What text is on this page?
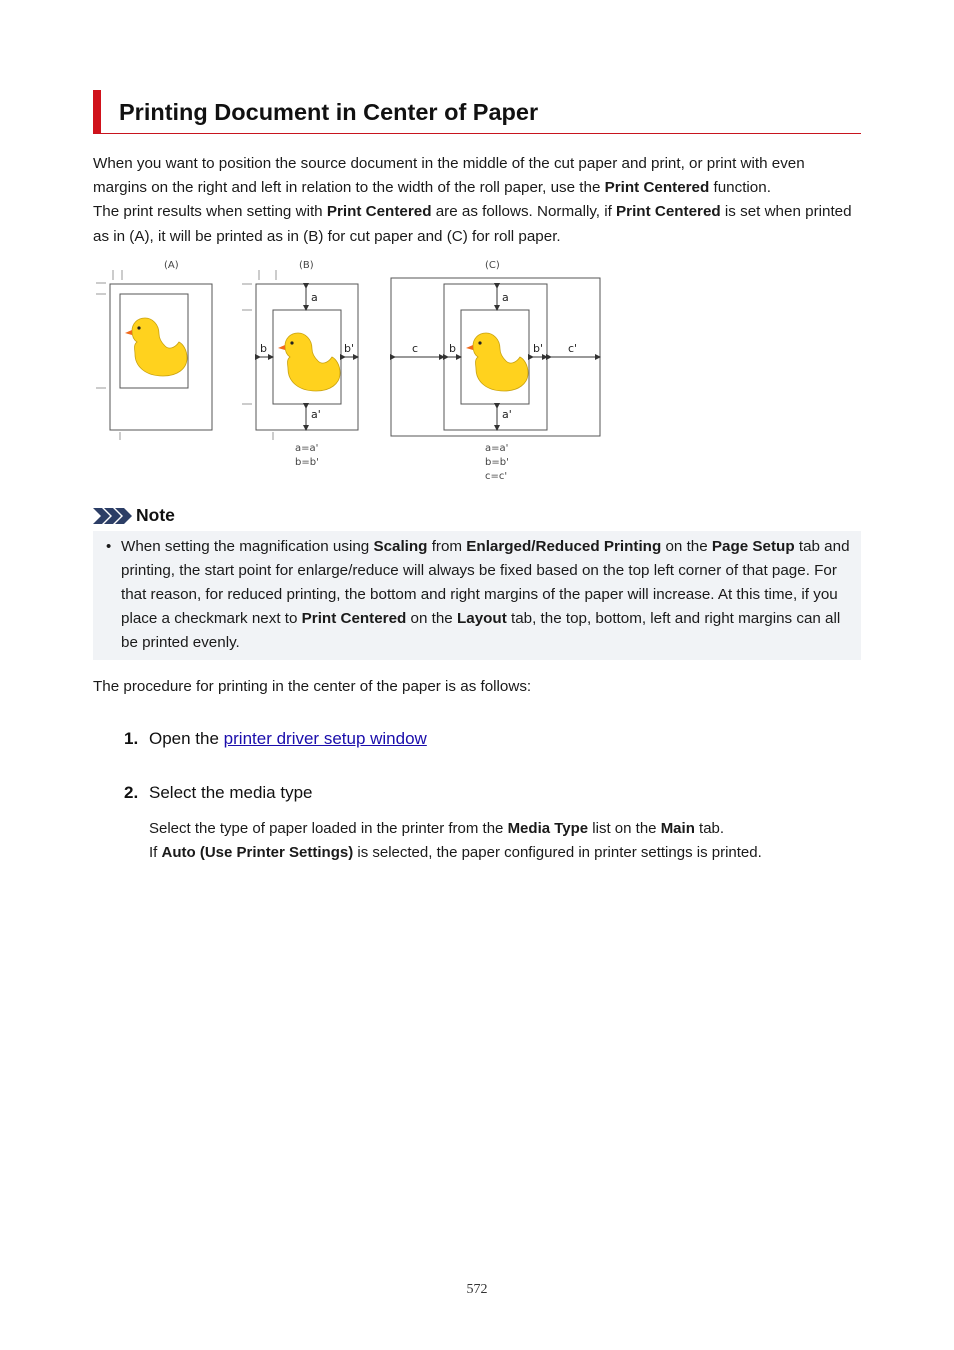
Printing Document in Center of Paper
When you want to position the source document in the middle of the cut paper and print, or print with even margins on the right and left in relation to the width of the roll paper, use the Print Centered function.
The print results when setting with Print Centered are as follows. Normally, if Print Centered is set when printed as in (A), it will be printed as in (B) for cut paper and (C) for roll paper.
(A)	(B)
a
a'
b	b'
a=a'
b=b'
(C)
a
a'
c	b	b' c'
a=a'
b=b'
c=c'
Note
• When setting the magnification using Scaling from Enlarged/Reduced Printing on the Page Setup tab and printing, the start point for enlarge/reduce will always be fixed based on the top left corner of that page. For that reason, for reduced printing, the bottom and right margins of the paper will increase. At this time, if you place a checkmark next to Print Centered on the Layout tab, the top, bottom, left and right margins can all be printed evenly.
The procedure for printing in the center of the paper is as follows:
1. Open the printer driver setup window
2. Select the media type
Select the type of paper loaded in the printer from the Media Type list on the Main tab.
If Auto (Use Printer Settings) is selected, the paper configured in printer settings is printed.
572
